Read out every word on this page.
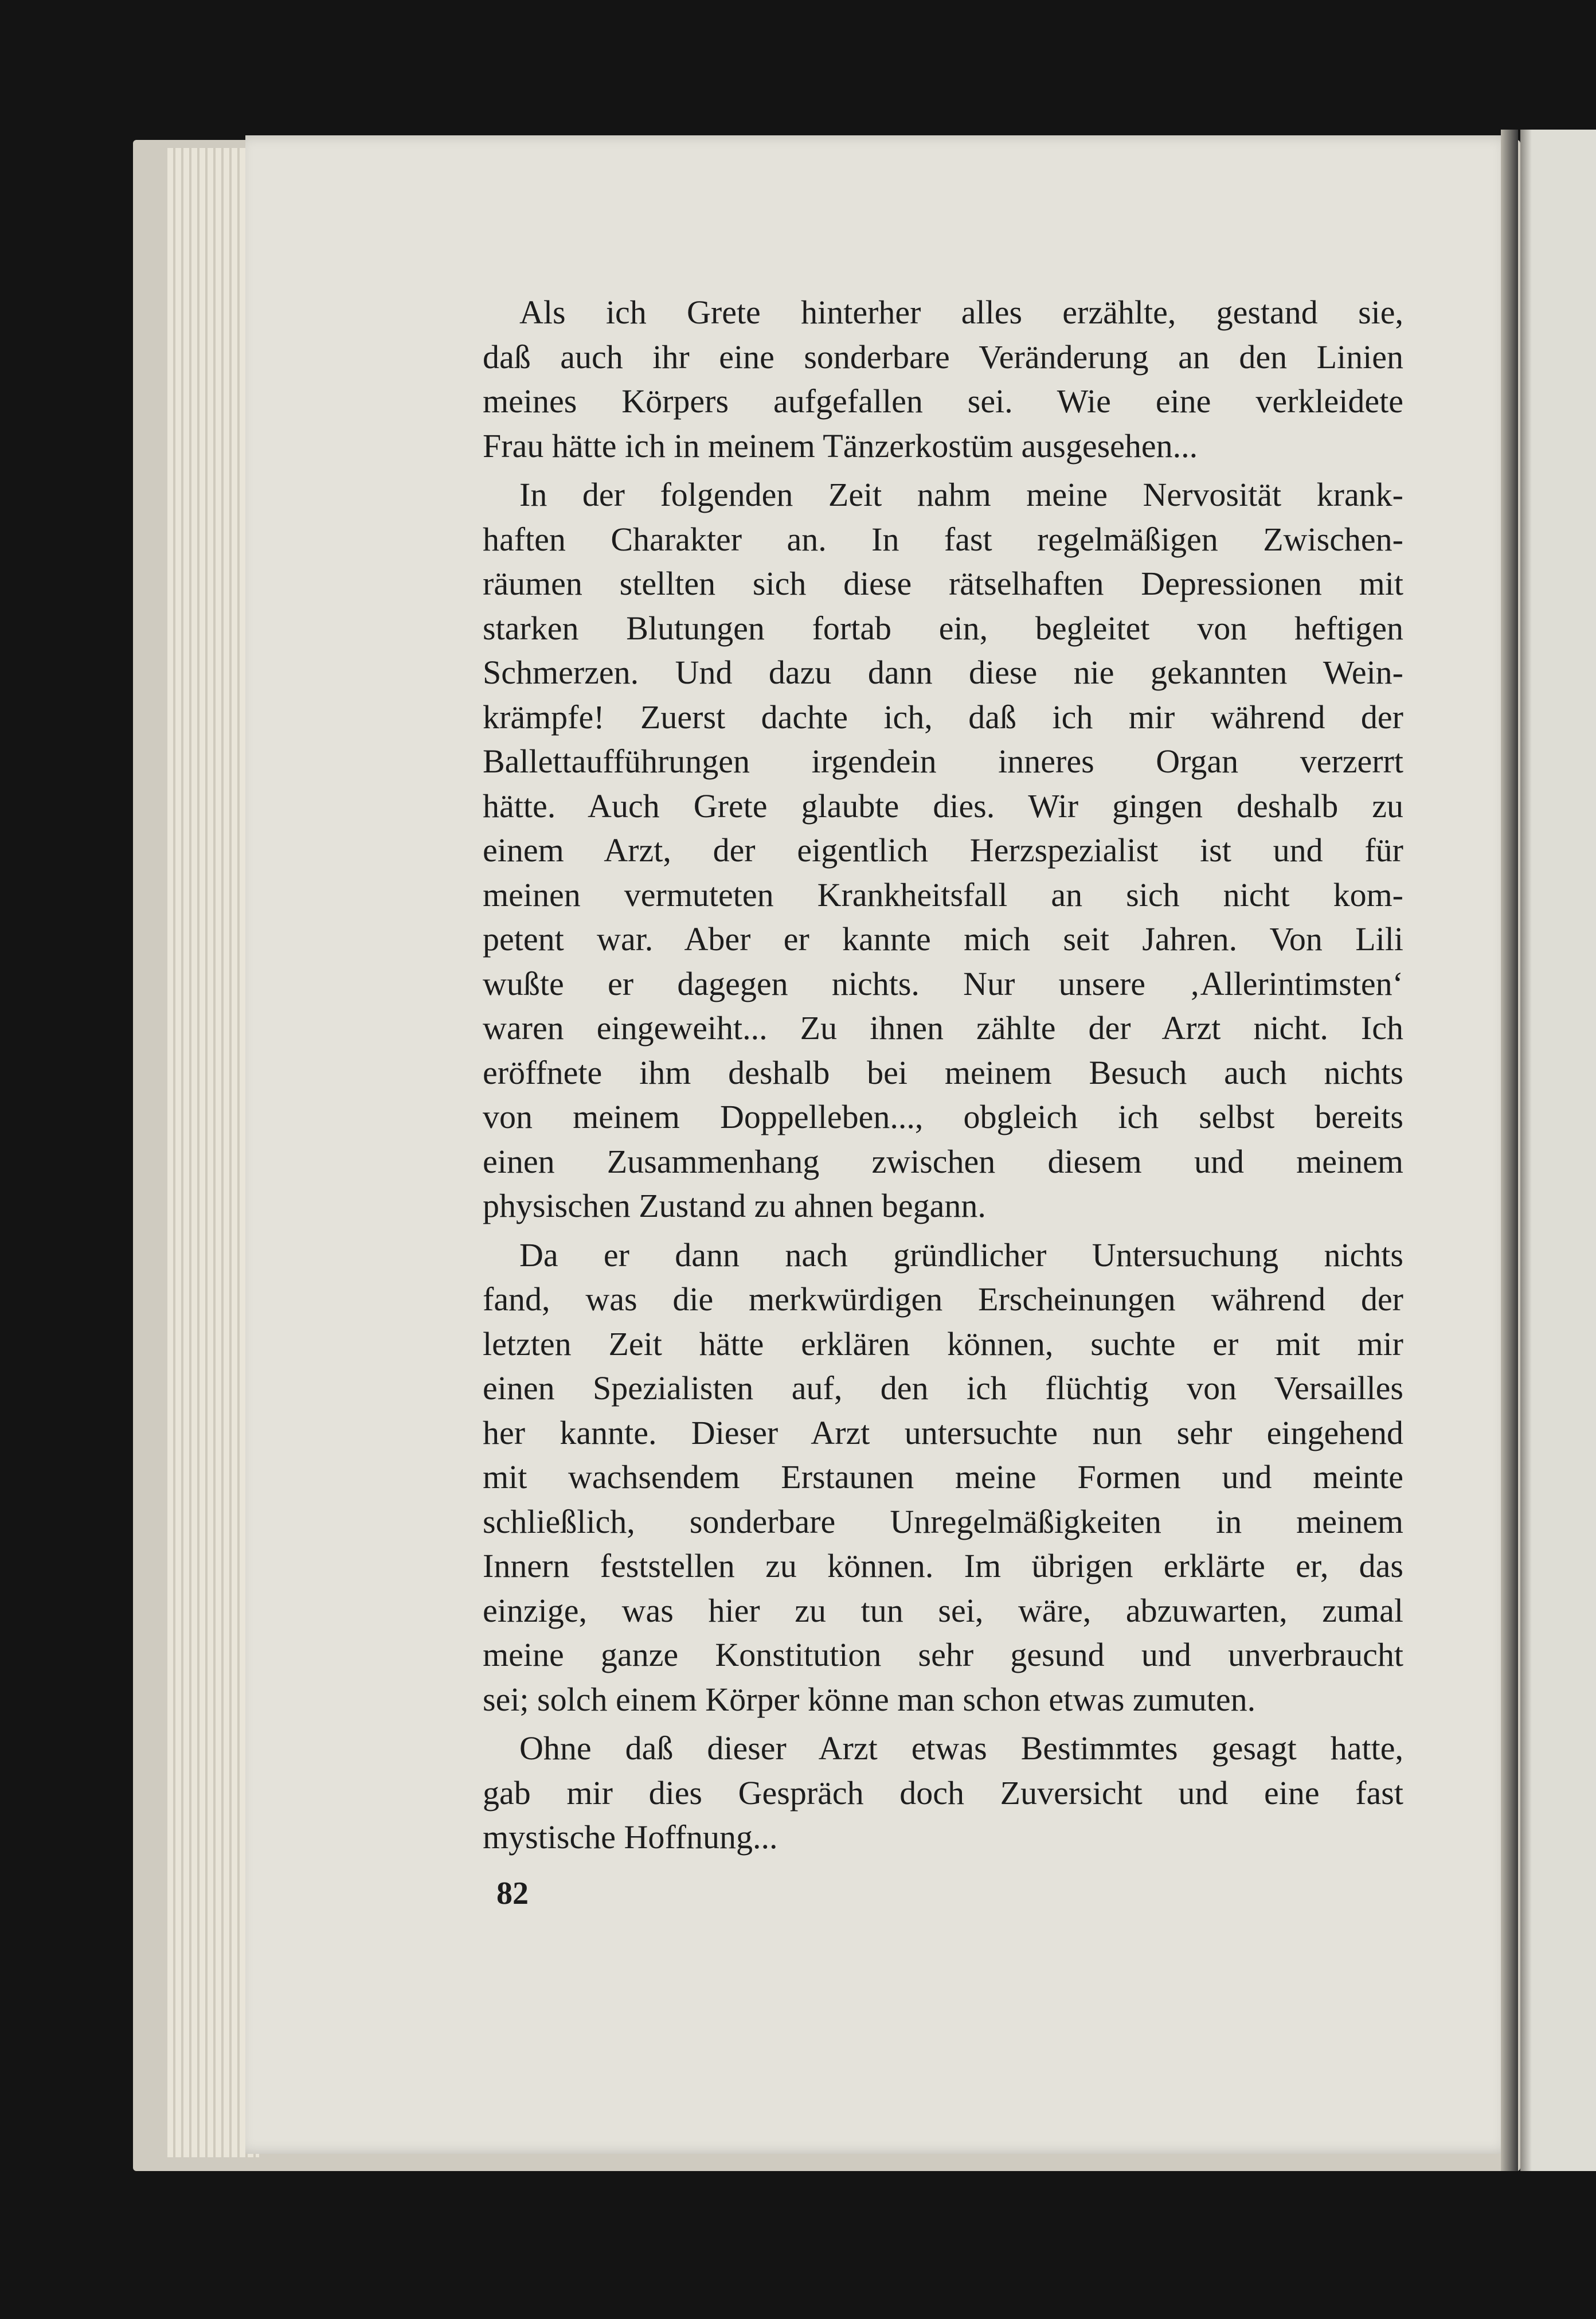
Als ich Grete hinterher alles erzählte, gestand sie,
daß auch ihr eine sonderbare Veränderung an den Linien
meines Körpers aufgefallen sei. Wie eine verkleidete
Frau hätte ich in meinem Tänzerkostüm ausgesehen...

In der folgenden Zeit nahm meine Nervosität krank-
haften Charakter an. In fast regelmäßigen Zwischen-
räumen stellten sich diese rätselhaften Depressionen mit
starken Blutungen fortab ein, begleitet von heftigen
Schmerzen. Und dazu dann diese nie gekannten Wein-
krämpfe! Zuerst dachte ich, daß ich mir während der
Ballettaufführungen irgendein inneres Organ verzerrt
hätte. Auch Grete glaubte dies. Wir gingen deshalb zu
einem Arzt, der eigentlich Herzspezialist ist und für
meinen vermuteten Krankheitsfall an sich nicht kom-
petent war. Aber er kannte mich seit Jahren. Von Lili
wußte er dagegen nichts. Nur unsere ‚Allerintimsten‘
waren eingeweiht... Zu ihnen zählte der Arzt nicht. Ich
eröffnete ihm deshalb bei meinem Besuch auch nichts
von meinem Doppelleben..., obgleich ich selbst bereits
einen Zusammenhang zwischen diesem und meinem
physischen Zustand zu ahnen begann.

Da er dann nach gründlicher Untersuchung nichts
fand, was die merkwürdigen Erscheinungen während der
letzten Zeit hätte erklären können, suchte er mit mir
einen Spezialisten auf, den ich flüchtig von Versailles
her kannte. Dieser Arzt untersuchte nun sehr eingehend
mit wachsendem Erstaunen meine Formen und meinte
schließlich, sonderbare Unregelmäßigkeiten in meinem
Innern feststellen zu können. Im übrigen erklärte er, das
einzige, was hier zu tun sei, wäre, abzuwarten, zumal
meine ganze Konstitution sehr gesund und unverbraucht
sei; solch einem Körper könne man schon etwas zumuten.

Ohne daß dieser Arzt etwas Bestimmtes gesagt hatte,
gab mir dies Gespräch doch Zuversicht und eine fast
mystische Hoffnung...

82
